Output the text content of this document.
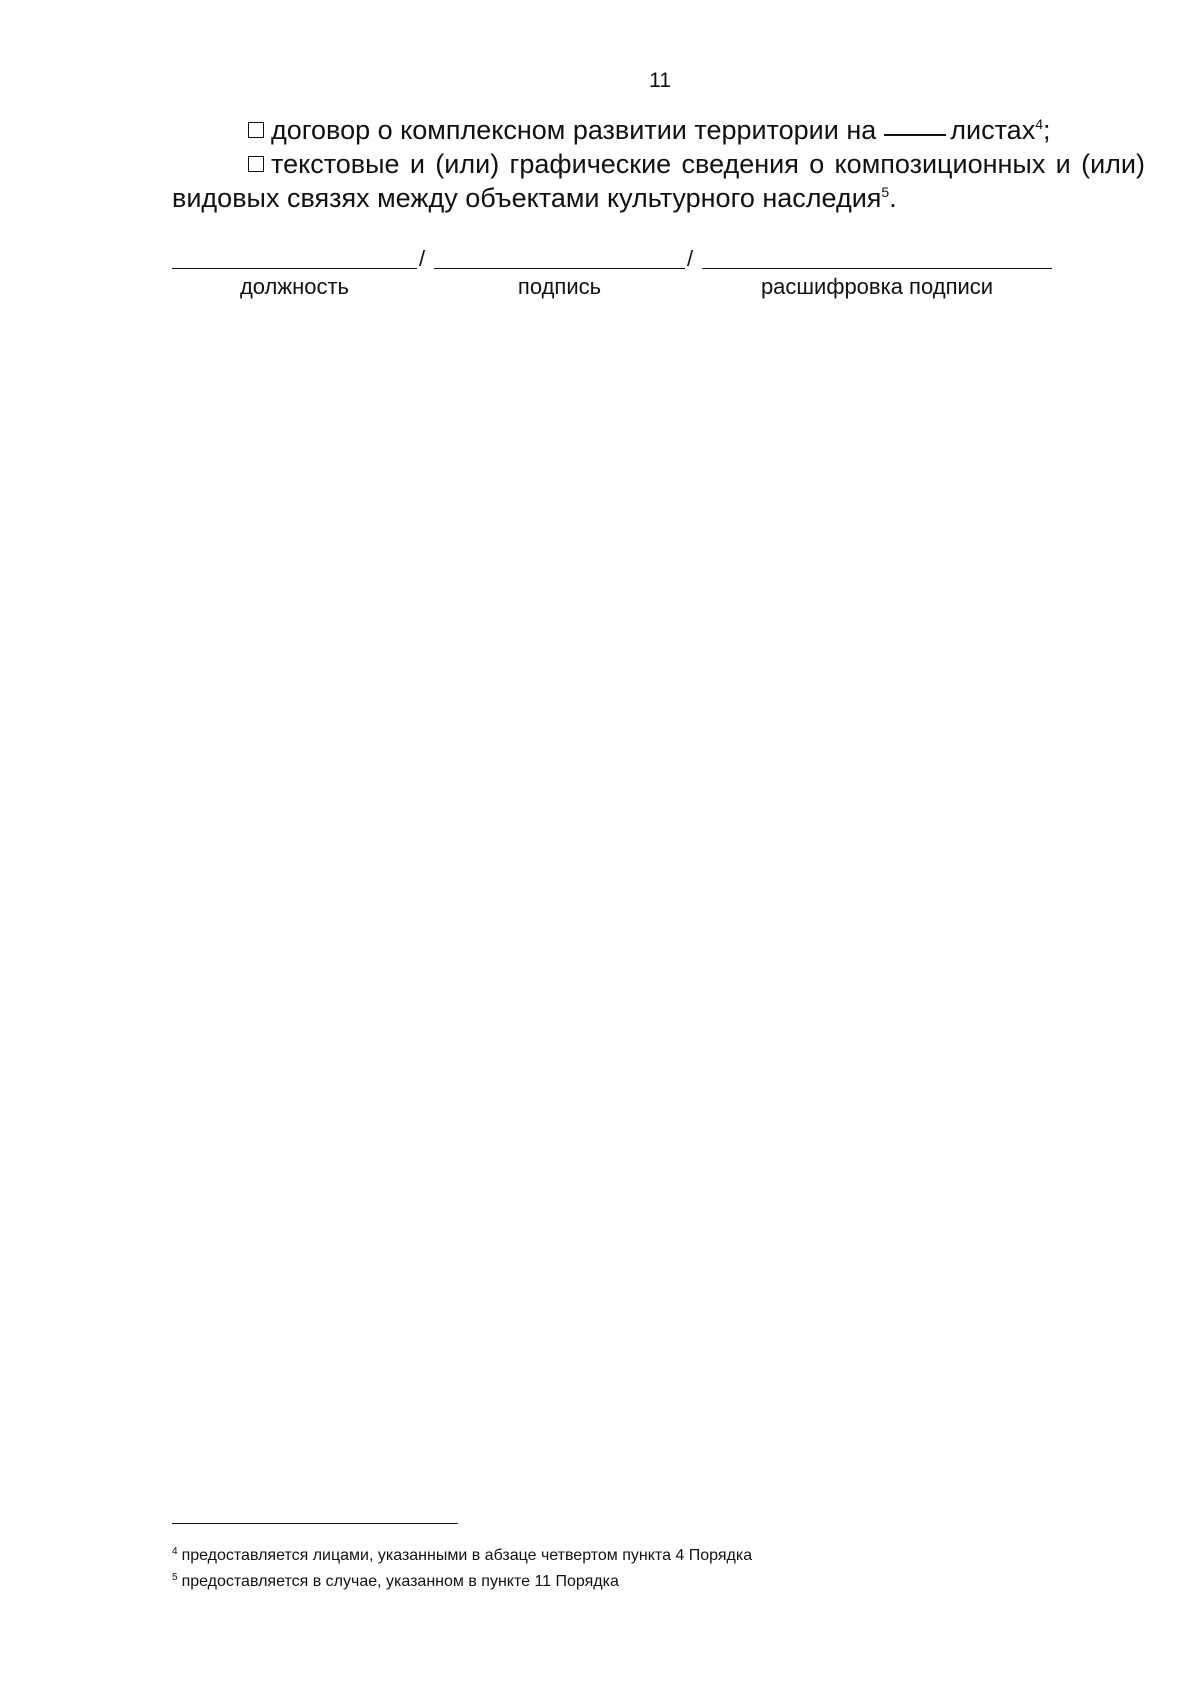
11

договор о комплексном развитии территории на	листах$^4$;

текстовые и (или) графические сведения о композиционных и (или) видовых связях между объектами культурного наследия$^5$.

/	/
должность	подпись	расшифровка подписи
$^4$ предоставляется лицами, указанными в абзаце четвертом пункта 4 Порядка
$^5$ предоставляется в случае, указанном в пункте 11 Порядка
